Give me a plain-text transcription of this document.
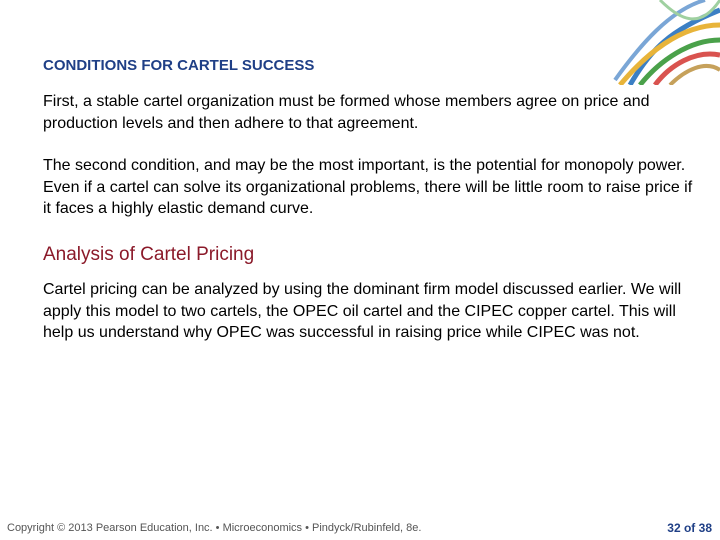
CONDITIONS FOR CARTEL SUCCESS
First, a stable cartel organization must be formed whose members agree on price and production levels and then adhere to that agreement.
The second condition, and may be the most important, is the potential for monopoly power. Even if a cartel can solve its organizational problems, there will be little room to raise price if it faces a highly elastic demand curve.
Analysis of Cartel Pricing
Cartel pricing can be analyzed by using the dominant firm model discussed earlier. We will apply this model to two cartels, the OPEC oil cartel and the CIPEC copper cartel. This will help us understand why OPEC was successful in raising price while CIPEC was not.
Copyright © 2013 Pearson Education, Inc. • Microeconomics • Pindyck/Rubinfeld, 8e.	32 of 38
